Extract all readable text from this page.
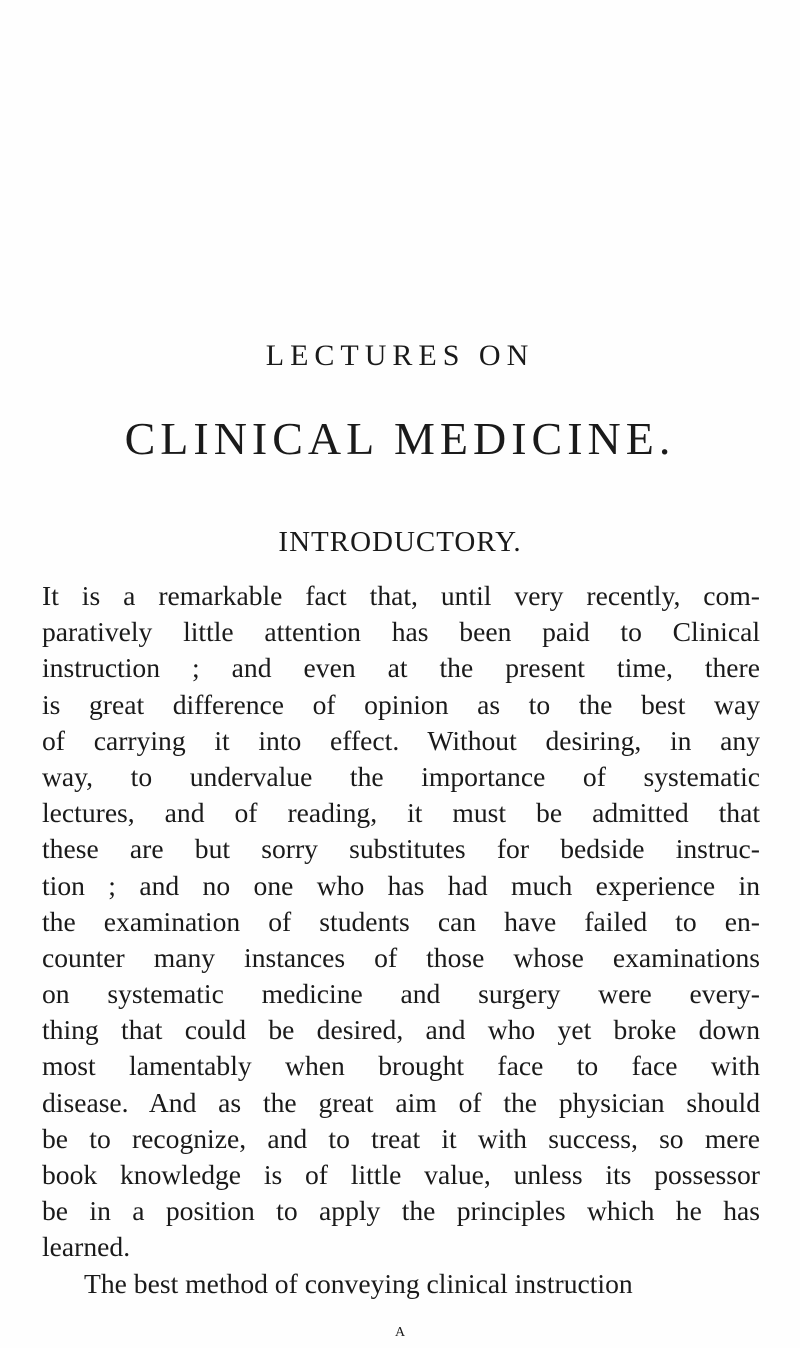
LECTURES ON
CLINICAL MEDICINE.
INTRODUCTORY.
It is a remarkable fact that, until very recently, com-
paratively little attention has been paid to Clinical
instruction ; and even at the present time, there
is great difference of opinion as to the best way
of carrying it into effect. Without desiring, in any
way, to undervalue the importance of systematic
lectures, and of reading, it must be admitted that
these are but sorry substitutes for bedside instruc-
tion ; and no one who has had much experience in
the examination of students can have failed to en-
counter many instances of those whose examinations
on systematic medicine and surgery were every-
thing that could be desired, and who yet broke down
most lamentably when brought face to face with
disease. And as the great aim of the physician should
be to recognize, and to treat it with success, so mere
book knowledge is of little value, unless its possessor
be in a position to apply the principles which he has
learned.
The best method of conveying clinical instruction
A
